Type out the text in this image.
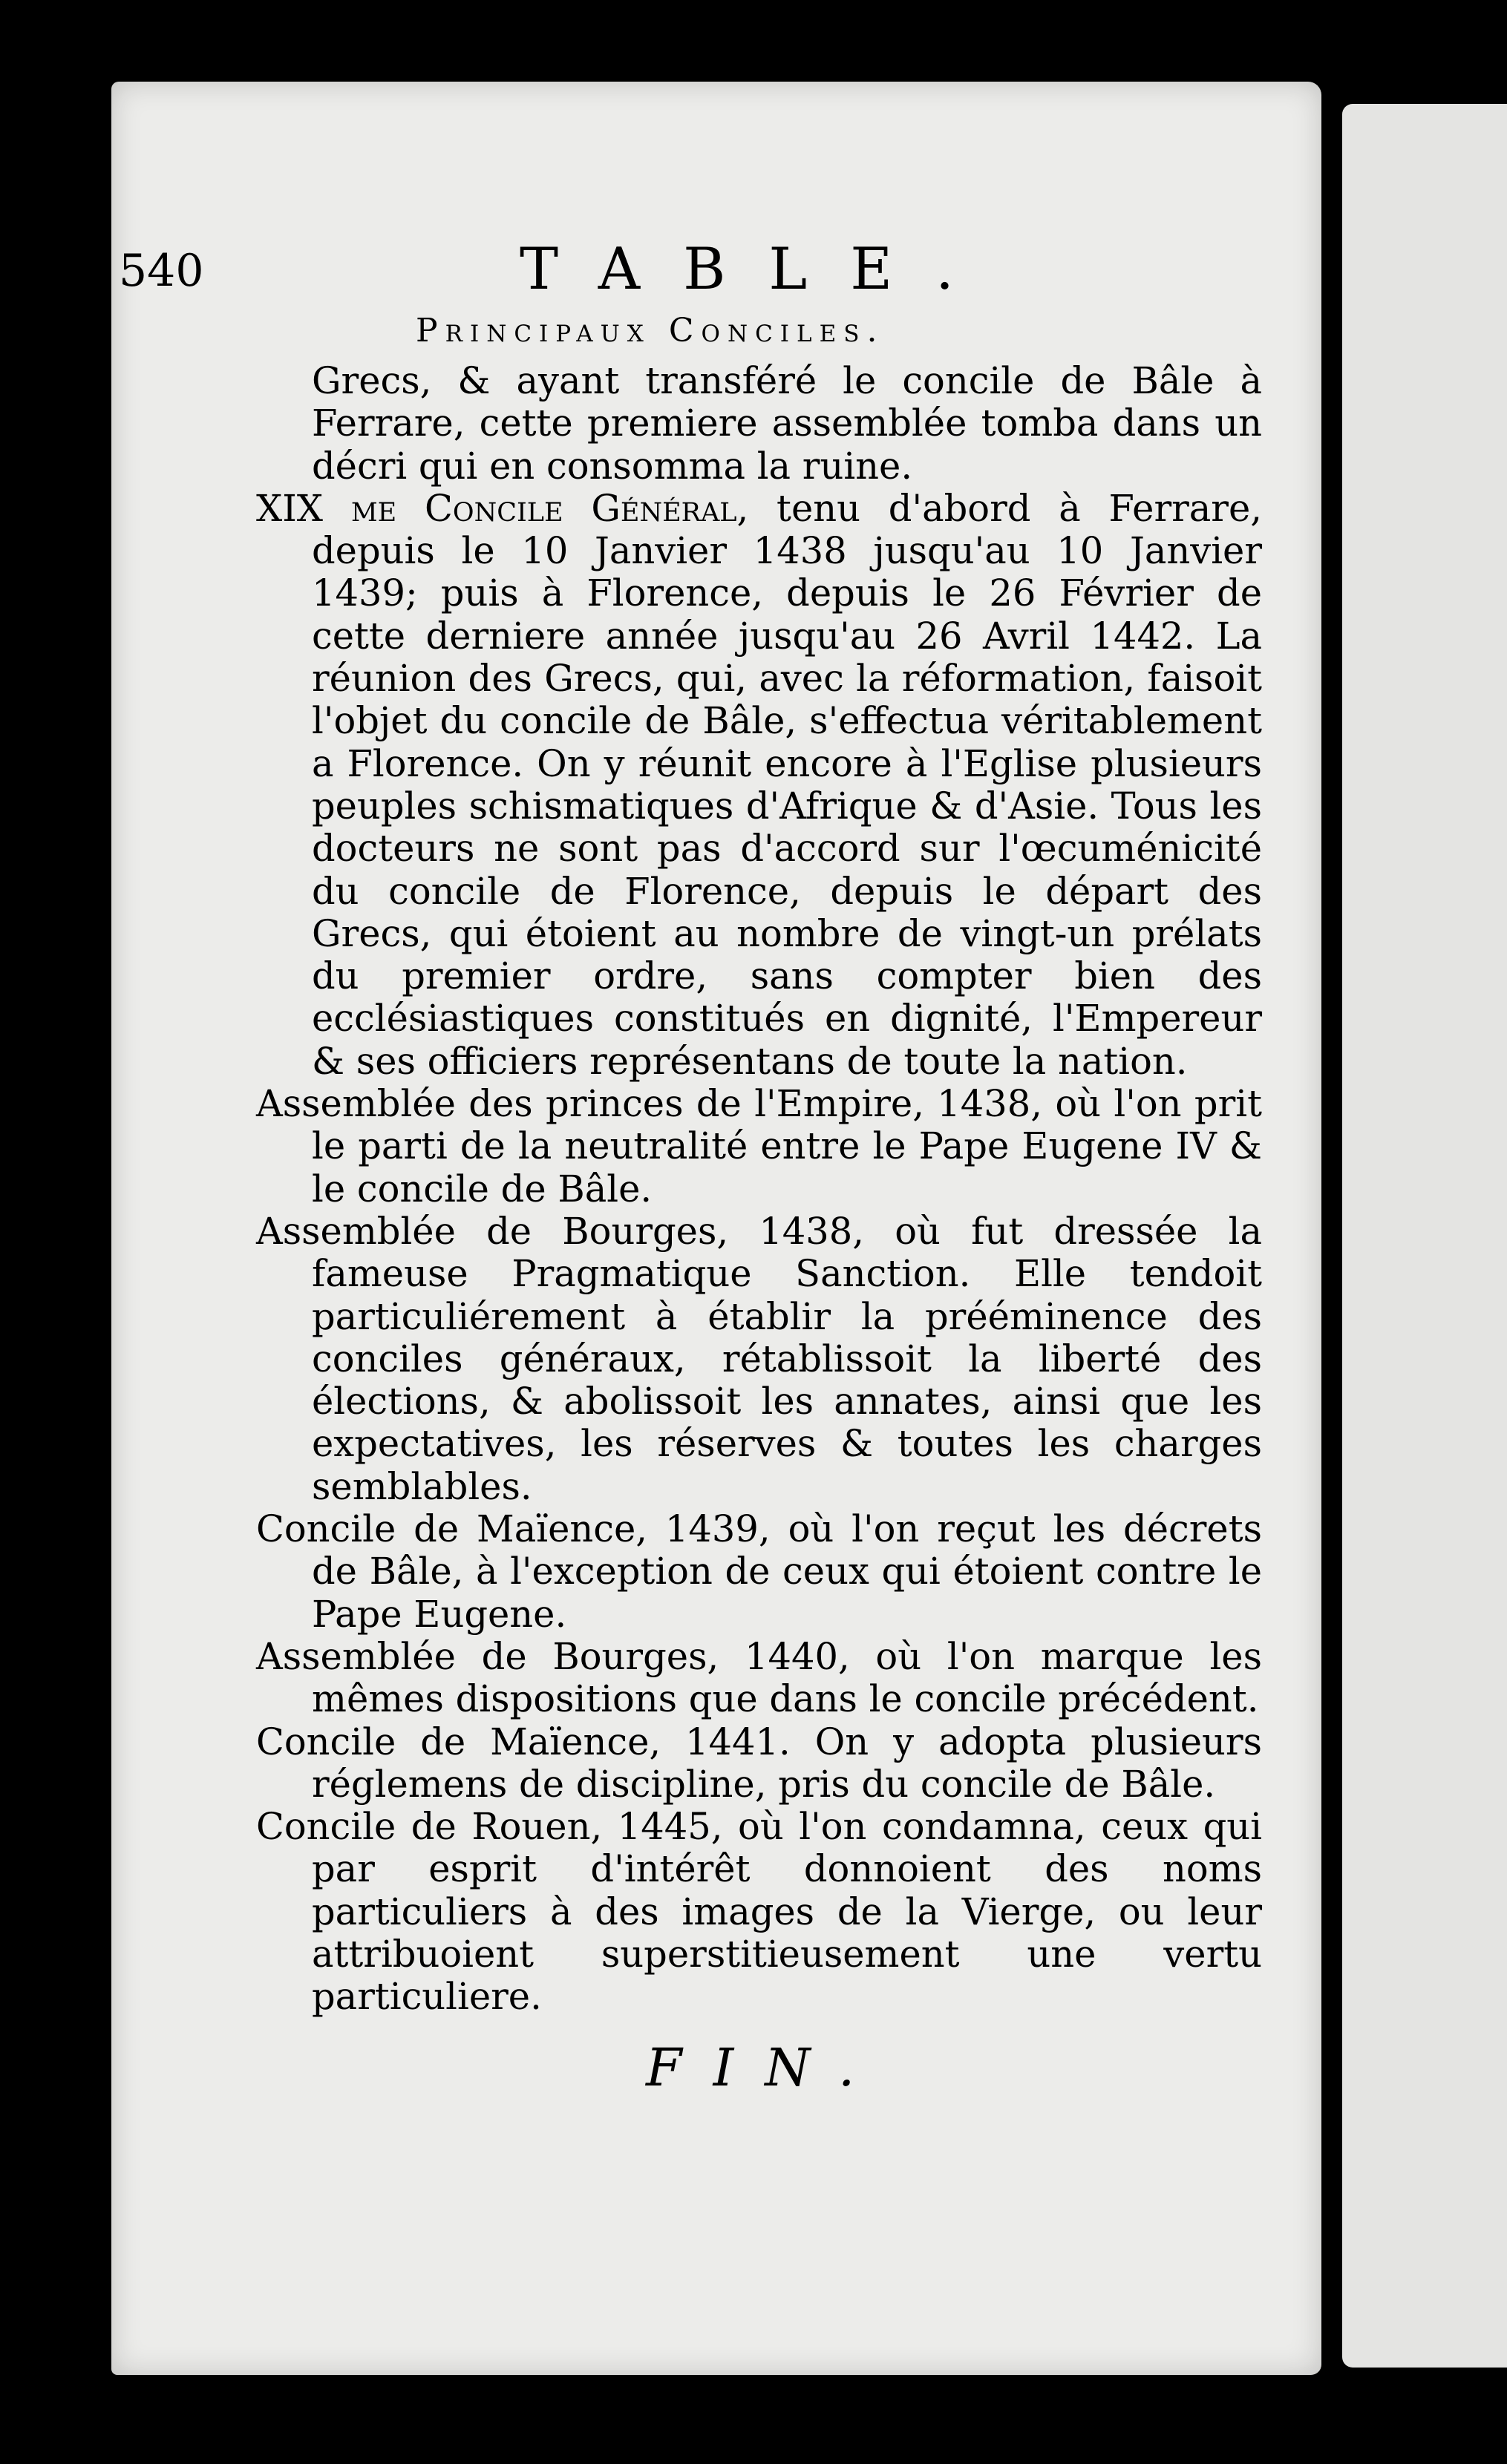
540	TABLE.
Principaux Conciles.

Grecs, & ayant transféré le concile de Bâle à Ferrare, cette premiere assemblée tomba dans un décri qui en consomma la ruine.

XIX me Concile Général, tenu d'abord à Ferrare, depuis le 10 Janvier 1438 jusqu'au 10 Janvier 1439; puis à Florence, depuis le 26 Février de cette derniere année jusqu'au 26 Avril 1442. La réunion des Grecs, qui, avec la réformation, faisoit l'objet du concile de Bâle, s'effectua véritablement a Florence. On y réunit encore à l'Eglise plusieurs peuples schismatiques d'Afrique & d'Asie. Tous les docteurs ne sont pas d'accord sur l'œcuménicité du concile de Florence, depuis le départ des Grecs, qui étoient au nombre de vingt-un prélats du premier ordre, sans compter bien des ecclésiastiques constitués en dignité, l'Empereur & ses officiers représentans de toute la nation.

Assemblée des princes de l'Empire, 1438, où l'on prit le parti de la neutralité entre le Pape Eugene IV & le concile de Bâle.

Assemblée de Bourges, 1438, où fut dressée la fameuse Pragmatique Sanction. Elle tendoit particuliérement à établir la prééminence des conciles généraux, rétablissoit la liberté des élections, & abolissoit les annates, ainsi que les expectatives, les réserves & toutes les charges semblables.

Concile de Maïence, 1439, où l'on reçut les décrets de Bâle, à l'exception de ceux qui étoient contre le Pape Eugene.

Assemblée de Bourges, 1440, où l'on marque les mêmes dispositions que dans le concile précédent.

Concile de Maïence, 1441. On y adopta plusieurs réglemens de discipline, pris du concile de Bâle.

Concile de Rouen, 1445, où l'on condamna, ceux qui par esprit d'intérêt donnoient des noms particuliers à des images de la Vierge, ou leur attribuoient superstitieusement une vertu particuliere.

FIN.
